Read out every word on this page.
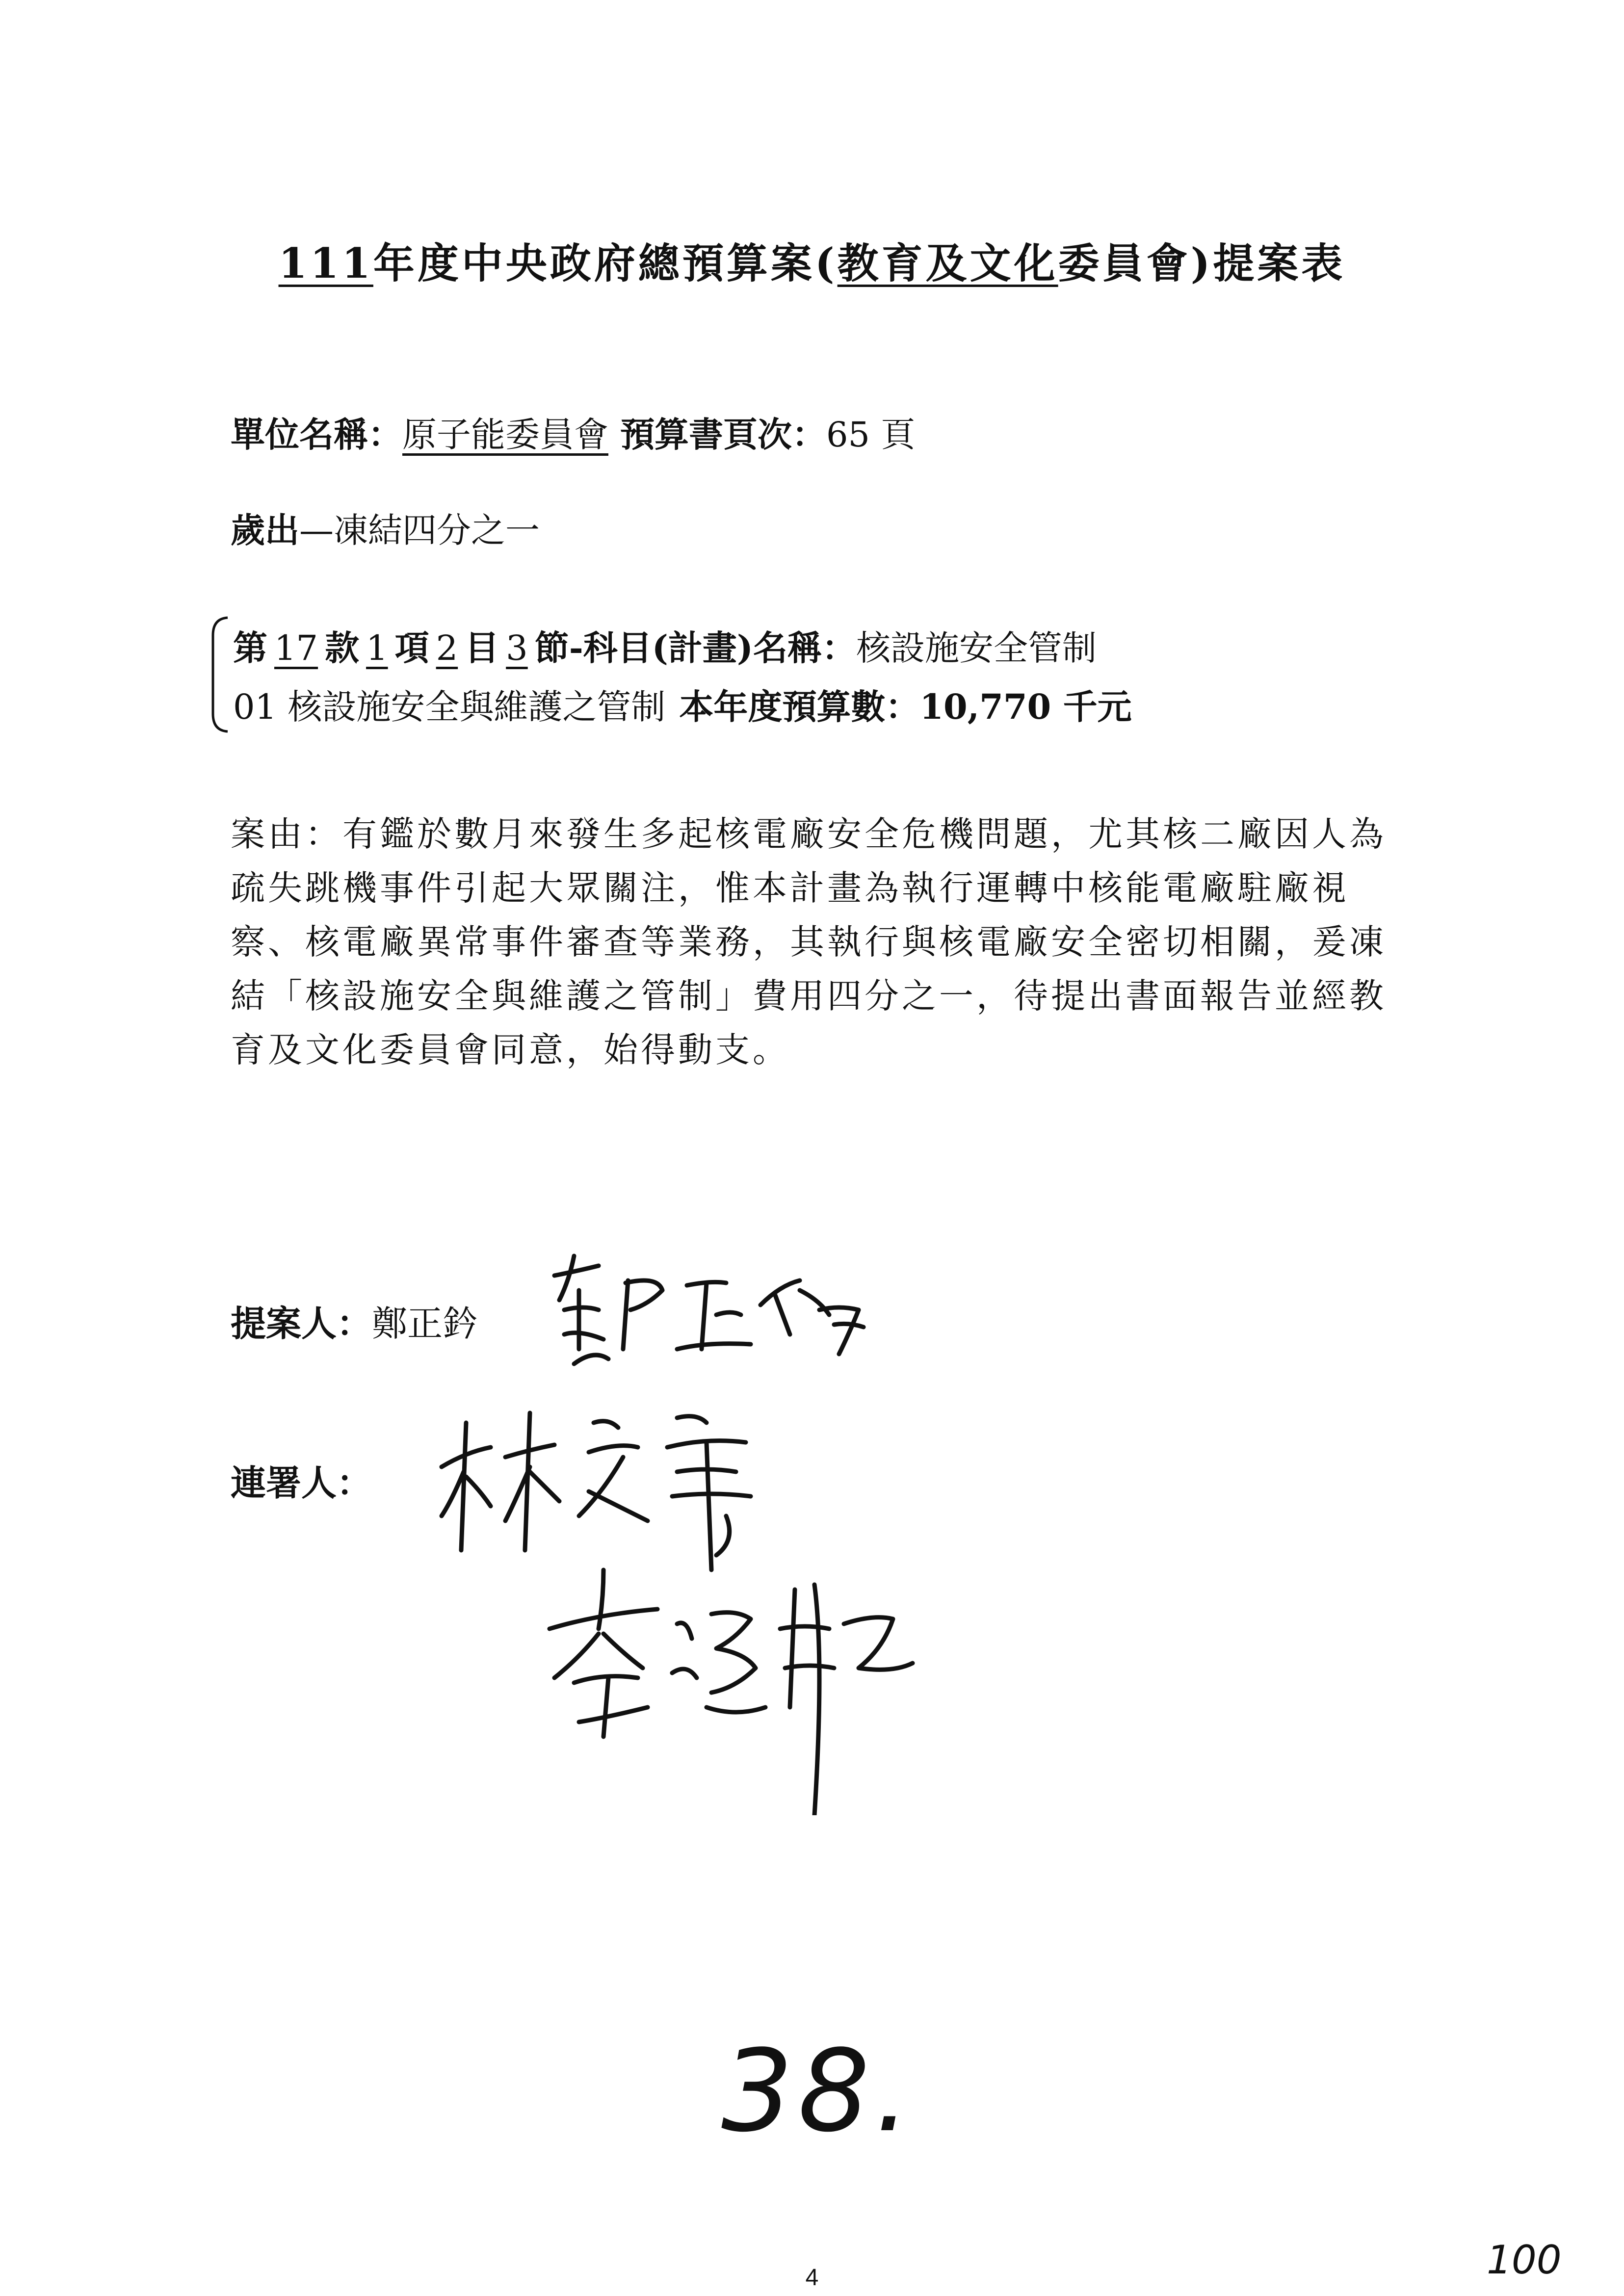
111年度中央政府總預算案(教育及文化委員會)提案表
單位名稱：原子能委員會 預算書頁次：65 頁
歲出—凍結四分之一
第 17 款 1 項 2 目 3 節-科目(計畫)名稱：核設施安全管制
01 核設施安全與維護之管制 本年度預算數：10,770 千元
案由：有鑑於數月來發生多起核電廠安全危機問題，尤其核二廠因人為
疏失跳機事件引起大眾關注，惟本計畫為執行運轉中核能電廠駐廠視
察、核電廠異常事件審查等業務，其執行與核電廠安全密切相關，爰凍
結「核設施安全與維護之管制」費用四分之一，待提出書面報告並經教
育及文化委員會同意，始得動支。
提案人：鄭正鈐
連署人：
38.
4	100
